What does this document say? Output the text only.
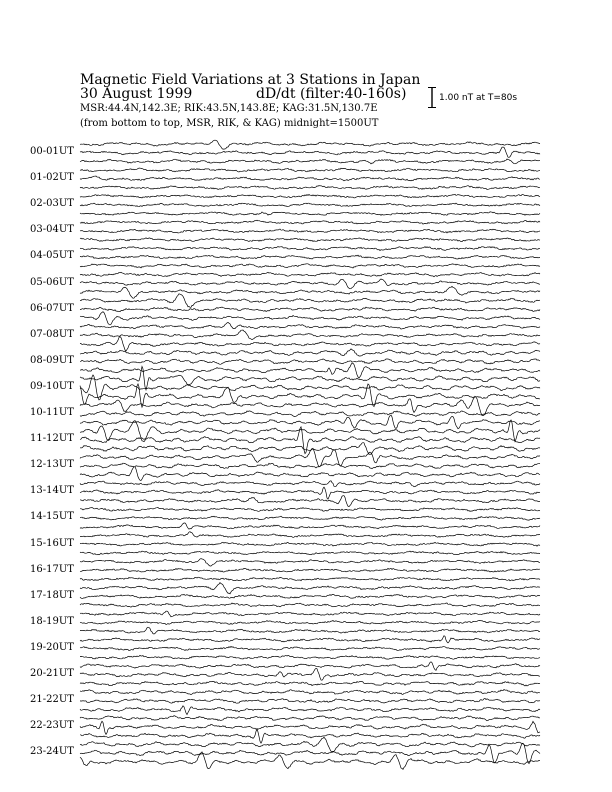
Magnetic Field Variations at 3 Stations in Japan
30 August 1999	dD/dt (filter:40-160s)
MSR:44.4N,142.3E; RIK:43.5N,143.8E; KAG:31.5N,130.7E
(from bottom to top, MSR, RIK, & KAG) midnight=1500UT
1.00 nT at T=80s
00-01UT
01-02UT
02-03UT
03-04UT
04-05UT
05-06UT
06-07UT
07-08UT
08-09UT
09-10UT
10-11UT
11-12UT
12-13UT
13-14UT
14-15UT
15-16UT
16-17UT
17-18UT
18-19UT
19-20UT
20-21UT
21-22UT
22-23UT
23-24UT
